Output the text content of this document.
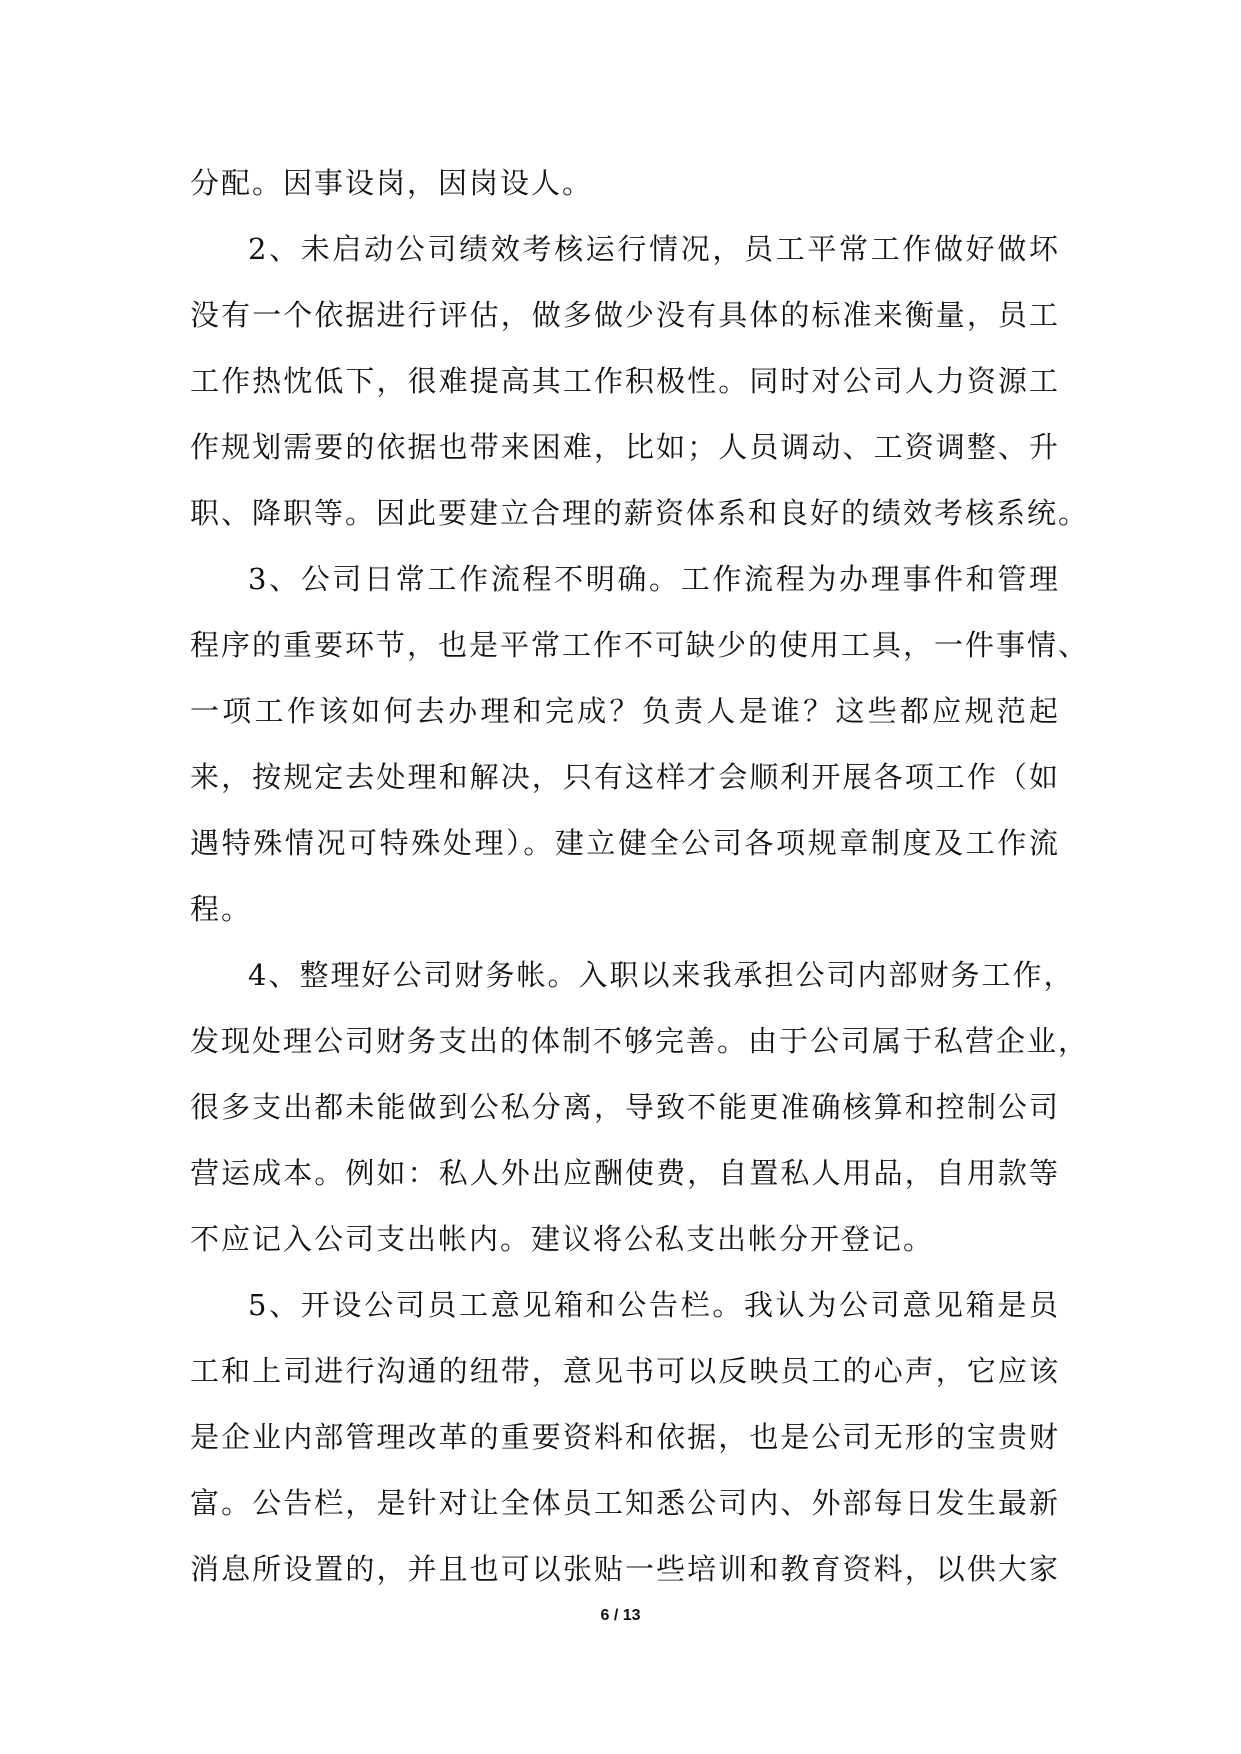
分配。因事设岗，因岗设人。
2、未启动公司绩效考核运行情况，员工平常工作做好做坏
没有一个依据进行评估，做多做少没有具体的标准来衡量，员工
工作热忱低下，很难提高其工作积极性。同时对公司人力资源工
作规划需要的依据也带来困难，比如；人员调动、工资调整、升
职、降职等。因此要建立合理的薪资体系和良好的绩效考核系统。
3、公司日常工作流程不明确。工作流程为办理事件和管理
程序的重要环节，也是平常工作不可缺少的使用工具，一件事情、
一项工作该如何去办理和完成？负责人是谁？这些都应规范起
来，按规定去处理和解决，只有这样才会顺利开展各项工作（如
遇特殊情况可特殊处理）。建立健全公司各项规章制度及工作流
程。
4、整理好公司财务帐。入职以来我承担公司内部财务工作，
发现处理公司财务支出的体制不够完善。由于公司属于私营企业，
很多支出都未能做到公私分离，导致不能更准确核算和控制公司
营运成本。例如：私人外出应酬使费，自置私人用品，自用款等
不应记入公司支出帐内。建议将公私支出帐分开登记。
5、开设公司员工意见箱和公告栏。我认为公司意见箱是员
工和上司进行沟通的纽带，意见书可以反映员工的心声，它应该
是企业内部管理改革的重要资料和依据，也是公司无形的宝贵财
富。公告栏，是针对让全体员工知悉公司内、外部每日发生最新
消息所设置的，并且也可以张贴一些培训和教育资料，以供大家
6 / 13
